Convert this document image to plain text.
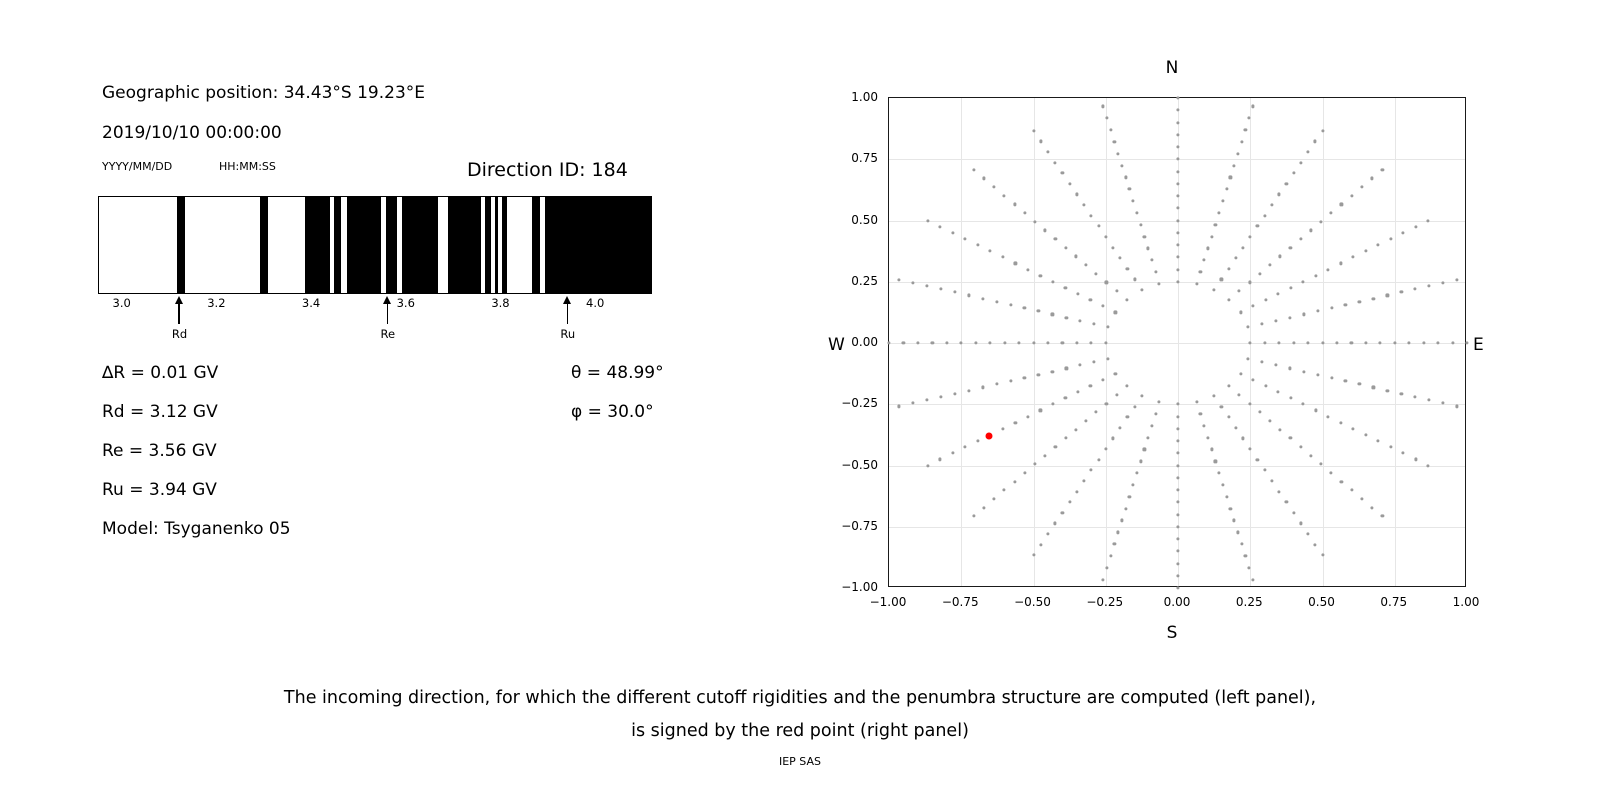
Geographic position: 34.43°S 19.23°E
2019/10/10 00:00:00
YYYY/MM/DD	HH:MM:SS	Direction ID: 184
3.0	3.2	3.4	3.6	3.8	4.0
Rd	Re	Ru
∆R = 0.01 GV
Rd = 3.12 GV
Re = 3.56 GV
Ru = 3.94 GV
Model: Tsyganenko 05
θ = 48.99°
φ = 30.0°
−1.00
−0.75
−0.50
−0.25
0.00
0.25
0.50
0.75
1.00
−1.00	−0.75	−0.50	−0.25	0.00	0.25	0.50	0.75	1.00
N
S
W	E
The incoming direction, for which the different cutoff rigidities and the penumbra structure are computed (left panel),
is signed by the red point (right panel)
IEP SAS
